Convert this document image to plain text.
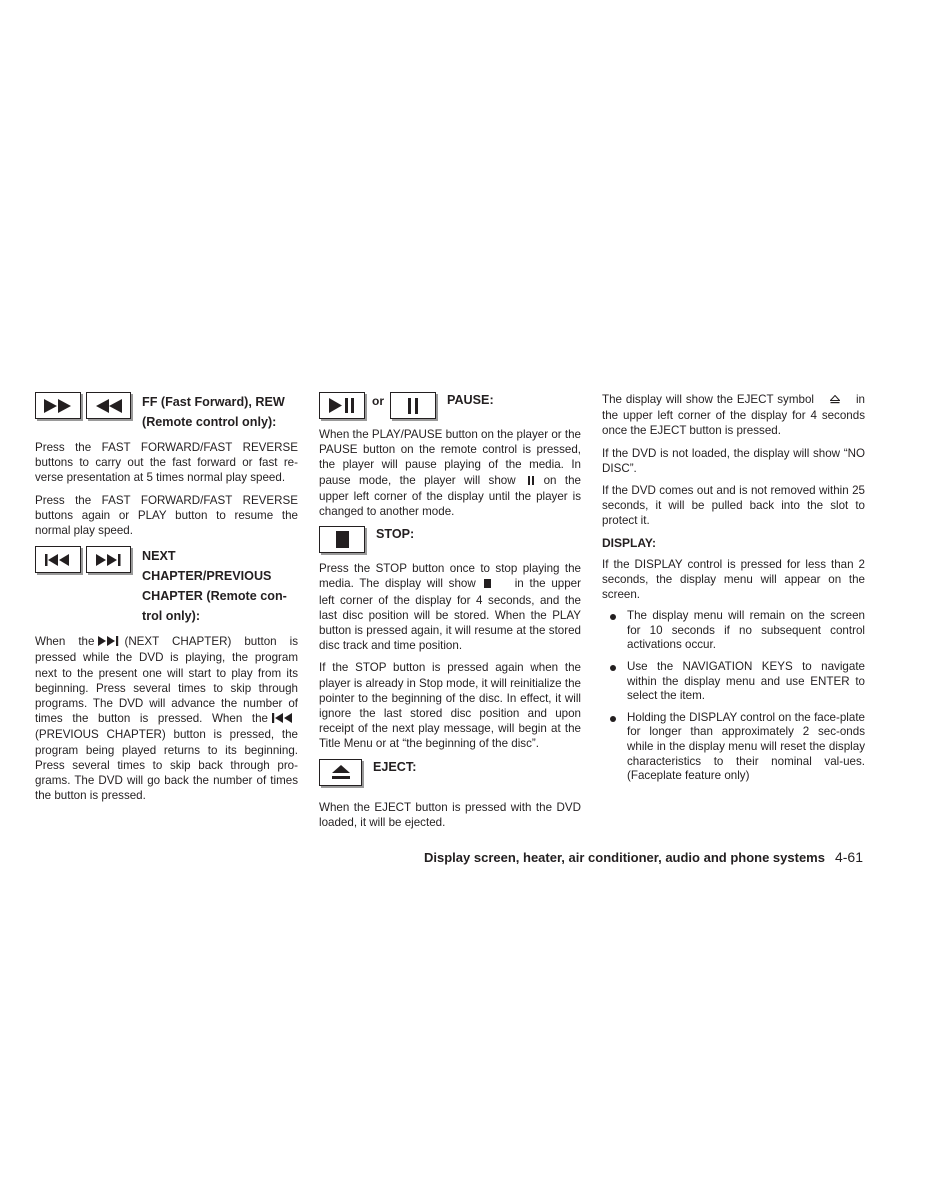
FF (Fast Forward), REW (Remote control only):

Press the FAST FORWARD/FAST REVERSE buttons to carry out the fast forward or fast re-verse presentation at 5 times normal play speed.

Press the FAST FORWARD/FAST REVERSE buttons again or PLAY button to resume the normal play speed.

NEXT CHAPTER/PREVIOUS CHAPTER (Remote con-trol only):

When the	(NEXT CHAPTER) button is pressed while the DVD is playing, the program next to the present one will start to play from its beginning. Press several times to skip through programs. The DVD will advance the number of times the button is pressed. When the(PREVIOUS CHAPTER) button is pressed, the program being played returns to its beginning. Press several times to skip back through pro-grams. The DVD will go back the number of times the button is pressed.

or	PAUSE:

When the PLAY/PAUSE button on the player or the PAUSE button on the remote control is pressed, the player will pause playing of the media. In pause mode, the player will show on the upper left corner of the display until the player is changed to another mode.

STOP:

Press the STOP button once to stop playing the media. The display will show	in the upper left corner of the display for 4 seconds, and the last disc position will be stored. When the PLAY button is pressed again, it will resume at the stored disc track and time position.

If the STOP button is pressed again when the player is already in Stop mode, it will reinitialize the pointer to the beginning of the disc. In effect, it will ignore the last stored disc position and upon receipt of the next play message, will begin at the Title Menu or at “the beginning of the disc”.

EJECT:

When the EJECT button is pressed with the DVD loaded, it will be ejected.

The display will show the EJECT symbol	in the upper left corner of the display for 4 seconds once the EJECT button is pressed.

If the DVD is not loaded, the display will show “NO DISC”.

If the DVD comes out and is not removed within 25 seconds, it will be pulled back into the slot to protect it.

DISPLAY:

If the DISPLAY control is pressed for less than 2 seconds, the display menu will appear on the screen.

The display menu will remain on the screen for 10 seconds if no subsequent control activations occur.
Use the NAVIGATION KEYS to navigate within the display menu and use ENTER to select the item.
Holding the DISPLAY control on the face-plate for longer than approximately 2 sec-onds while in the display menu will reset the display characteristics to their nominal val-ues. (Faceplate feature only)
Display screen, heater, air conditioner, audio and phone systems 4-61
